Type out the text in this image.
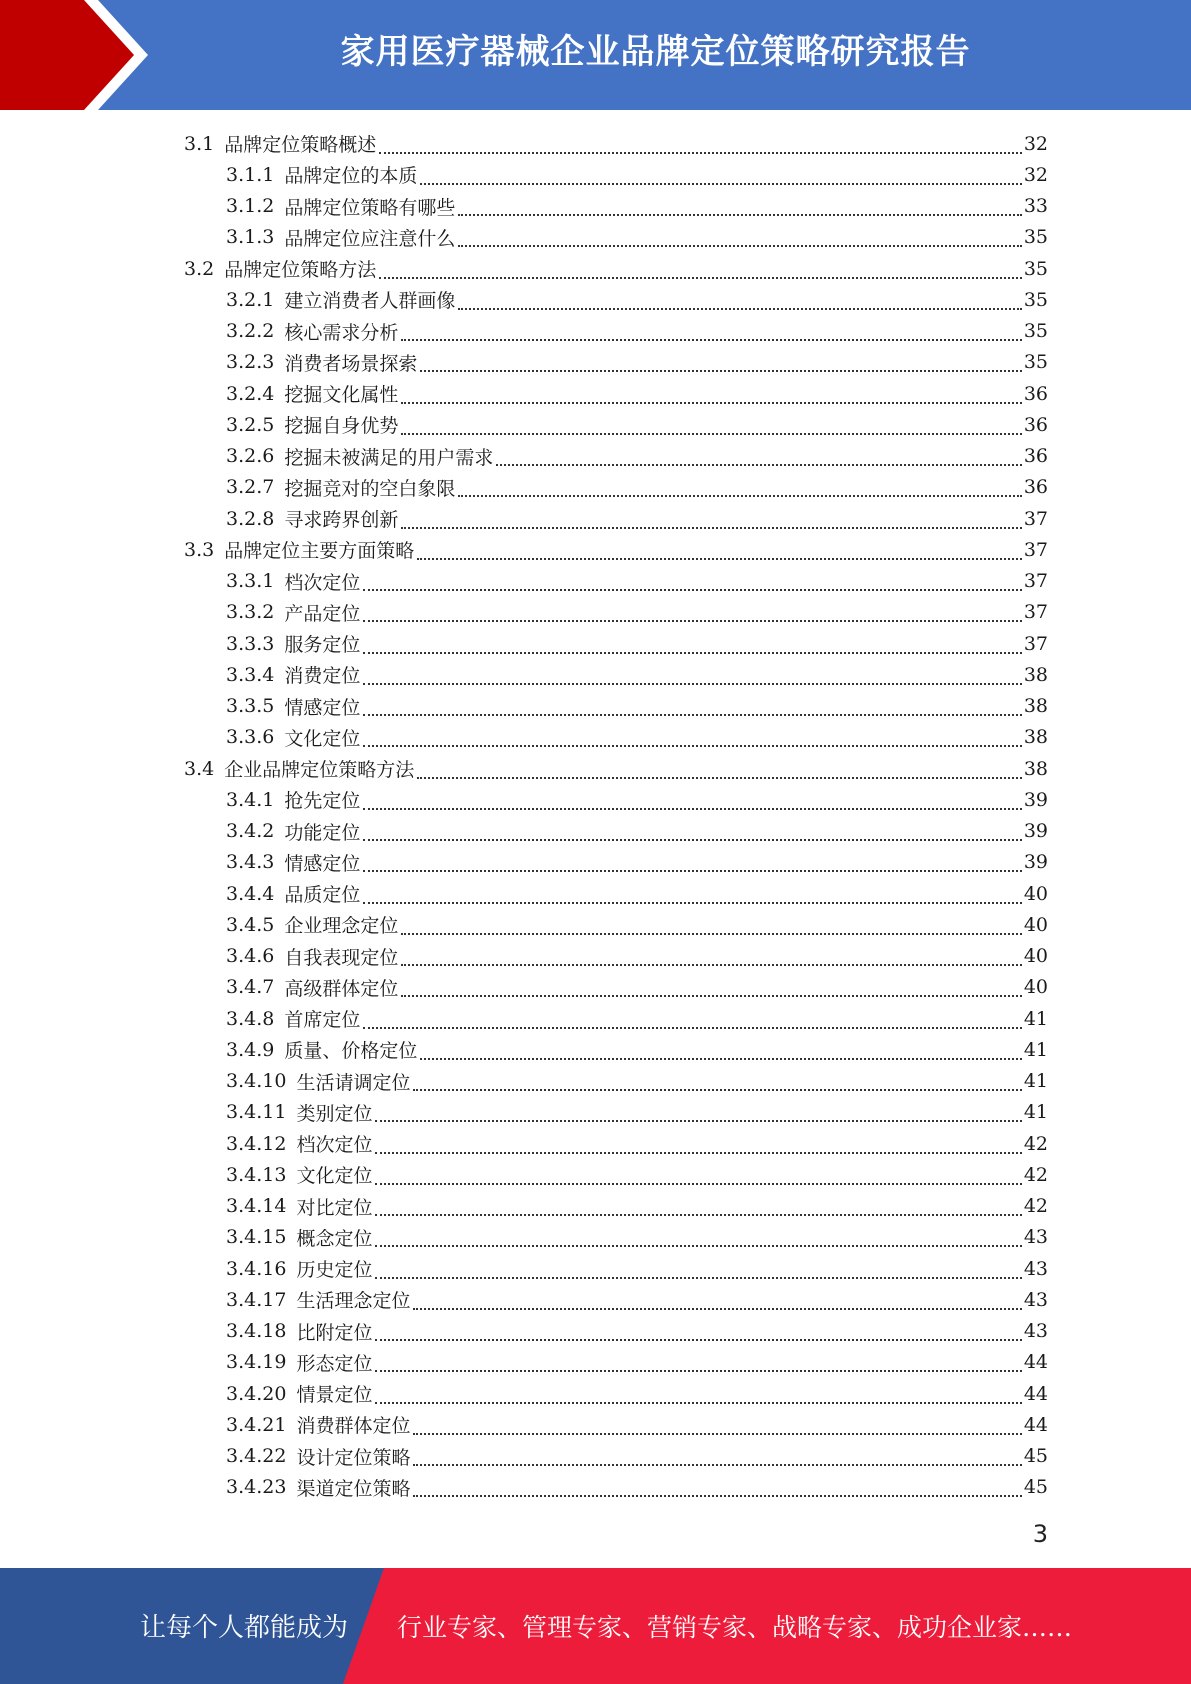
家用医疗器械企业品牌定位策略研究报告
3.1 品牌定位策略概述	32
3.1.1 品牌定位的本质	32
3.1.2 品牌定位策略有哪些	33
3.1.3 品牌定位应注意什么	35
3.2 品牌定位策略方法	35
3.2.1 建立消费者人群画像	35
3.2.2 核心需求分析	35
3.2.3 消费者场景探索	35
3.2.4 挖掘文化属性	36
3.2.5 挖掘自身优势	36
3.2.6 挖掘未被满足的用户需求	36
3.2.7 挖掘竞对的空白象限	36
3.2.8 寻求跨界创新	37
3.3 品牌定位主要方面策略	37
3.3.1 档次定位	37
3.3.2 产品定位	37
3.3.3 服务定位	37
3.3.4 消费定位	38
3.3.5 情感定位	38
3.3.6 文化定位	38
3.4 企业品牌定位策略方法	38
3.4.1 抢先定位	39
3.4.2 功能定位	39
3.4.3 情感定位	39
3.4.4 品质定位	40
3.4.5 企业理念定位	40
3.4.6 自我表现定位	40
3.4.7 高级群体定位	40
3.4.8 首席定位	41
3.4.9 质量、价格定位	41
3.4.10 生活请调定位	41
3.4.11 类别定位	41
3.4.12 档次定位	42
3.4.13 文化定位	42
3.4.14 对比定位	42
3.4.15 概念定位	43
3.4.16 历史定位	43
3.4.17 生活理念定位	43
3.4.18 比附定位	43
3.4.19 形态定位	44
3.4.20 情景定位	44
3.4.21 消费群体定位	44
3.4.22 设计定位策略	45
3.4.23 渠道定位策略	45
3
让每个人都能成为 行业专家、管理专家、营销专家、战略专家、成功企业家……
